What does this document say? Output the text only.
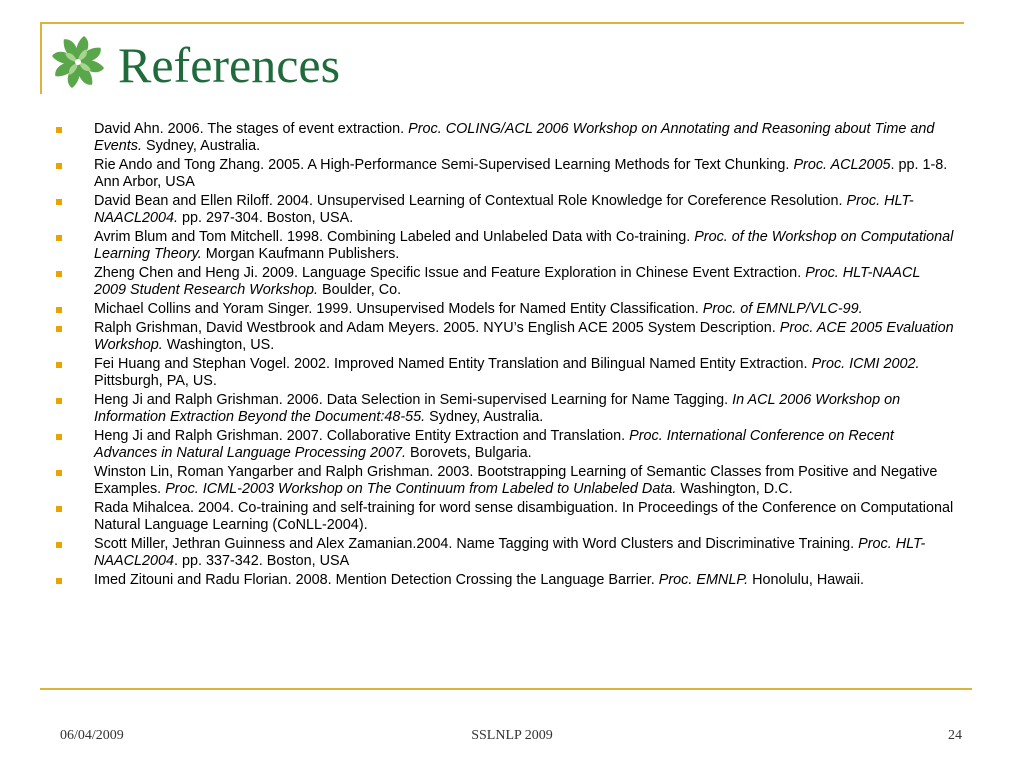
References
David Ahn. 2006. The stages of event extraction. Proc. COLING/ACL 2006 Workshop on Annotating and Reasoning about Time and Events. Sydney, Australia.
Rie Ando and Tong Zhang. 2005. A High-Performance Semi-Supervised Learning Methods for Text Chunking. Proc. ACL2005. pp. 1-8. Ann Arbor, USA
David Bean and Ellen Riloff. 2004. Unsupervised Learning of Contextual Role Knowledge for Coreference Resolution. Proc. HLT-NAACL2004. pp. 297-304. Boston, USA.
Avrim Blum and Tom Mitchell. 1998. Combining Labeled and Unlabeled Data with Co-training. Proc. of the Workshop on Computational Learning Theory. Morgan Kaufmann Publishers.
Zheng Chen and Heng Ji. 2009. Language Specific Issue and Feature Exploration in Chinese Event Extraction. Proc. HLT-NAACL 2009 Student Research Workshop. Boulder, Co.
Michael Collins and Yoram Singer. 1999. Unsupervised Models for Named Entity Classification. Proc. of EMNLP/VLC-99.
Ralph Grishman, David Westbrook and Adam Meyers. 2005. NYU’s English ACE 2005 System Description. Proc. ACE 2005 Evaluation Workshop. Washington, US.
Fei Huang and Stephan Vogel. 2002. Improved Named Entity Translation and Bilingual Named Entity Extraction. Proc. ICMI 2002. Pittsburgh, PA, US.
Heng Ji and Ralph Grishman. 2006. Data Selection in Semi-supervised Learning for Name Tagging. In ACL 2006 Workshop on Information Extraction Beyond the Document:48-55. Sydney, Australia.
Heng Ji and Ralph Grishman. 2007. Collaborative Entity Extraction and Translation. Proc. International Conference on Recent Advances in Natural Language Processing 2007. Borovets, Bulgaria.
Winston Lin, Roman Yangarber and Ralph Grishman. 2003. Bootstrapping Learning of Semantic Classes from Positive and Negative Examples. Proc. ICML-2003 Workshop on The Continuum from Labeled to Unlabeled Data. Washington, D.C.
Rada Mihalcea. 2004. Co-training and self-training for word sense disambiguation. In Proceedings of the Conference on Computational Natural Language Learning (CoNLL-2004).
Scott Miller, Jethran Guinness and Alex Zamanian.2004. Name Tagging with Word Clusters and Discriminative Training. Proc. HLT-NAACL2004. pp. 337-342. Boston, USA
Imed Zitouni and Radu Florian. 2008. Mention Detection Crossing the Language Barrier. Proc. EMNLP. Honolulu, Hawaii.
06/04/2009	SSLNLP 2009	24
